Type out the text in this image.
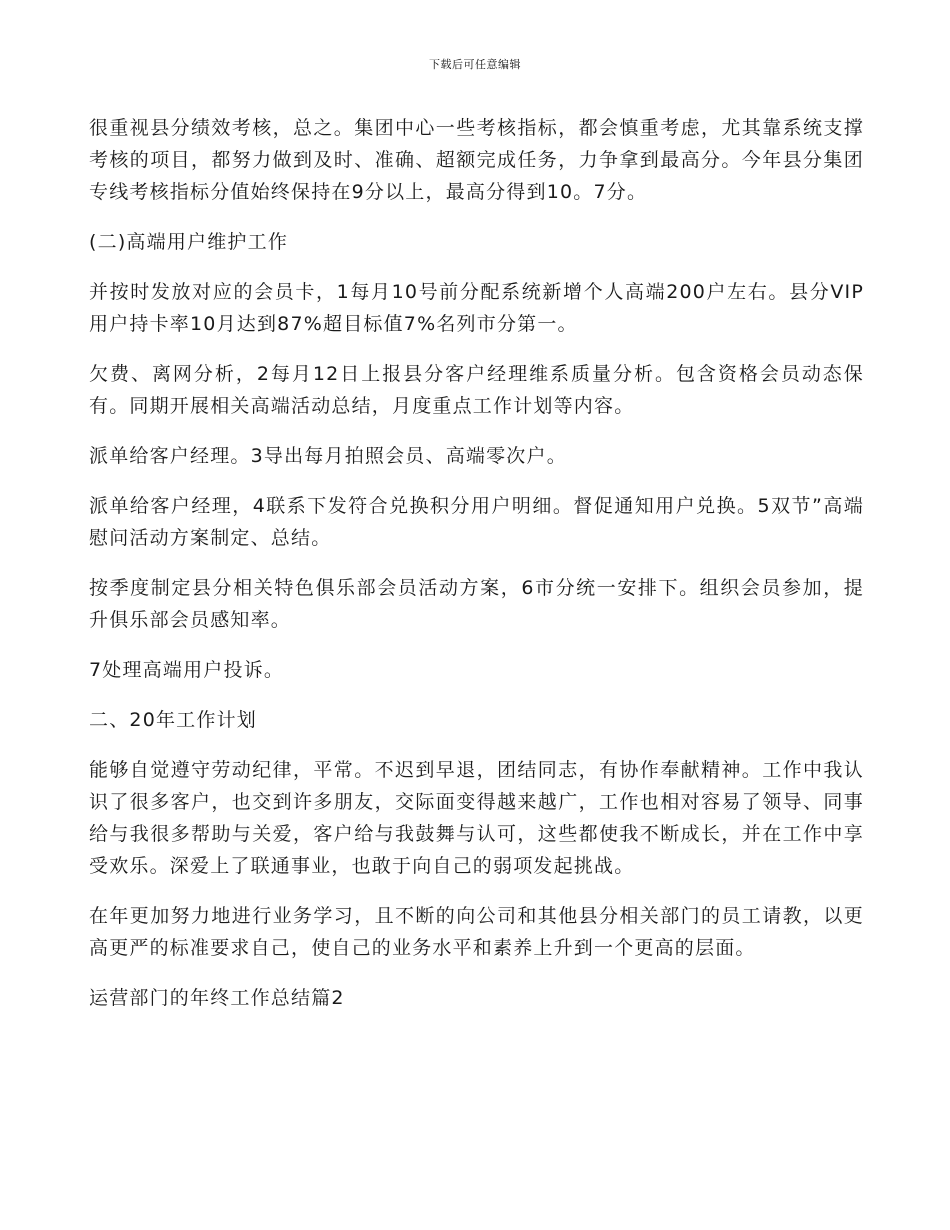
下载后可任意编辑

很重视县分绩效考核，总之。集团中心一些考核指标，都会慎重考虑，尤其靠系统支撑考核的项目，都努力做到及时、准确、超额完成任务，力争拿到最高分。今年县分集团专线考核指标分值始终保持在9分以上，最高分得到10。7分。

(二)高端用户维护工作

并按时发放对应的会员卡，1每月10号前分配系统新增个人高端200户左右。县分VIP用户持卡率10月达到87%超目标值7%名列市分第一。

欠费、离网分析，2每月12日上报县分客户经理维系质量分析。包含资格会员动态保有。同期开展相关高端活动总结，月度重点工作计划等内容。

派单给客户经理。3导出每月拍照会员、高端零次户。

派单给客户经理，4联系下发符合兑换积分用户明细。督促通知用户兑换。5双节”高端慰问活动方案制定、总结。

按季度制定县分相关特色俱乐部会员活动方案，6市分统一安排下。组织会员参加，提升俱乐部会员感知率。

7处理高端用户投诉。

二、20年工作计划

能够自觉遵守劳动纪律，平常。不迟到早退，团结同志，有协作奉献精神。工作中我认识了很多客户，也交到许多朋友，交际面变得越来越广，工作也相对容易了领导、同事给与我很多帮助与关爱，客户给与我鼓舞与认可，这些都使我不断成长，并在工作中享受欢乐。深爱上了联通事业，也敢于向自己的弱项发起挑战。

在年更加努力地进行业务学习，且不断的向公司和其他县分相关部门的员工请教，以更高更严的标准要求自己，使自己的业务水平和素养上升到一个更高的层面。

运营部门的年终工作总结篇2
